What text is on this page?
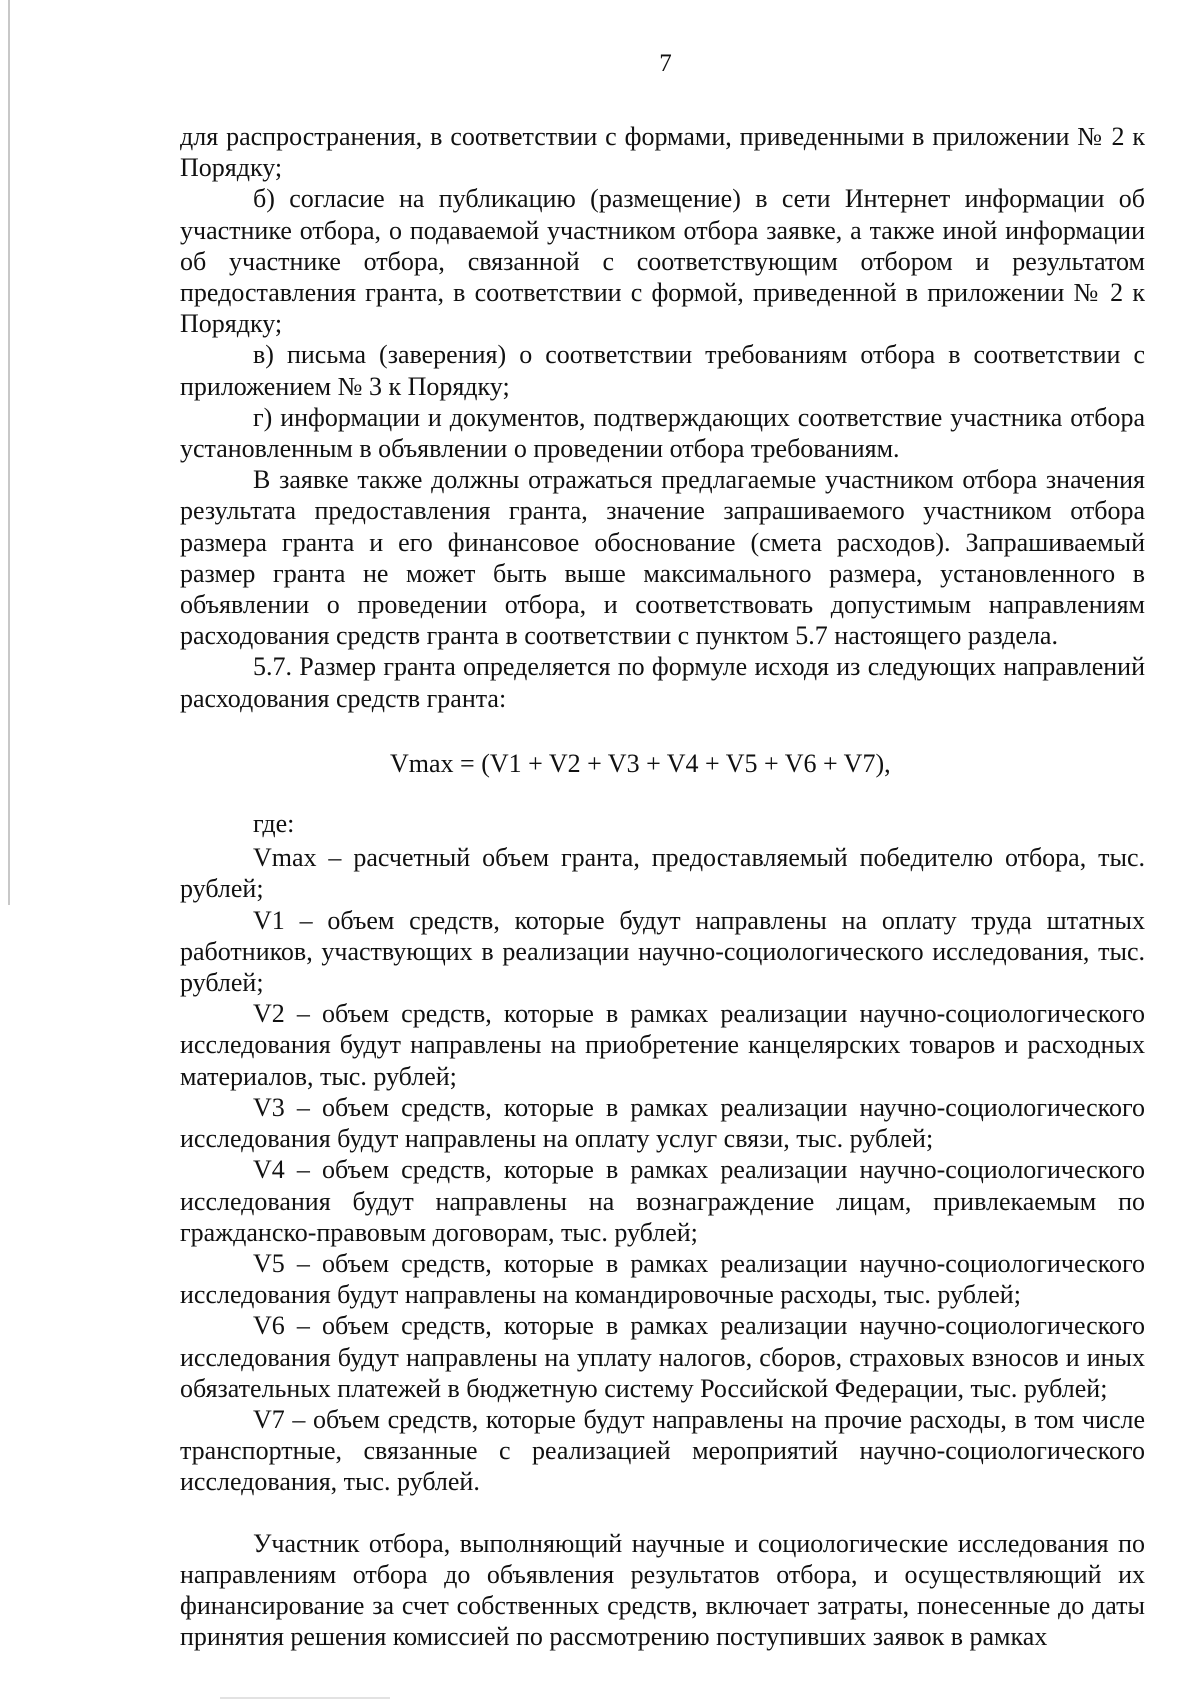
7

для распространения, в соответствии с формами, приведенными в приложении № 2 к Порядку;

б) согласие на публикацию (размещение) в сети Интернет информации об участнике отбора, о подаваемой участником отбора заявке, а также иной информации об участнике отбора, связанной с соответствующим отбором и результатом предоставления гранта, в соответствии с формой, приведенной в приложении № 2 к Порядку;

в) письма (заверения) о соответствии требованиям отбора в соответствии с приложением № 3 к Порядку;

г) информации и документов, подтверждающих соответствие участника отбора установленным в объявлении о проведении отбора требованиям.

В заявке также должны отражаться предлагаемые участником отбора значения результата предоставления гранта, значение запрашиваемого участником отбора размера гранта и его финансовое обоснование (смета расходов). Запрашиваемый размер гранта не может быть выше максимального размера, установленного в объявлении о проведении отбора, и соответствовать допустимым направлениям расходования средств гранта в соответствии с пунктом 5.7 настоящего раздела.

5.7. Размер гранта определяется по формуле исходя из следующих направлений расходования средств гранта:

Vmax = (V1 + V2 + V3 + V4 + V5 + V6 + V7),

где:

Vmax – расчетный объем гранта, предоставляемый победителю отбора, тыс. рублей;

V1 – объем средств, которые будут направлены на оплату труда штатных работников, участвующих в реализации научно-социологического исследования, тыс. рублей;

V2 – объем средств, которые в рамках реализации научно-социологического исследования будут направлены на приобретение канцелярских товаров и расходных материалов, тыс. рублей;

V3 – объем средств, которые в рамках реализации научно-социологического исследования будут направлены на оплату услуг связи, тыс. рублей;

V4 – объем средств, которые в рамках реализации научно-социологического исследования будут направлены на вознаграждение лицам, привлекаемым по гражданско-правовым договорам, тыс. рублей;

V5 – объем средств, которые в рамках реализации научно-социологического исследования будут направлены на командировочные расходы, тыс. рублей;

V6 – объем средств, которые в рамках реализации научно-социологического исследования будут направлены на уплату налогов, сборов, страховых взносов и иных обязательных платежей в бюджетную систему Российской Федерации, тыс. рублей;

V7 – объем средств, которые будут направлены на прочие расходы, в том числе транспортные, связанные с реализацией мероприятий научно-социологического исследования, тыс. рублей.

Участник отбора, выполняющий научные и социологические исследования по направлениям отбора до объявления результатов отбора, и осуществляющий их финансирование за счет собственных средств, включает затраты, понесенные до даты принятия решения комиссией по рассмотрению поступивших заявок в рамках
